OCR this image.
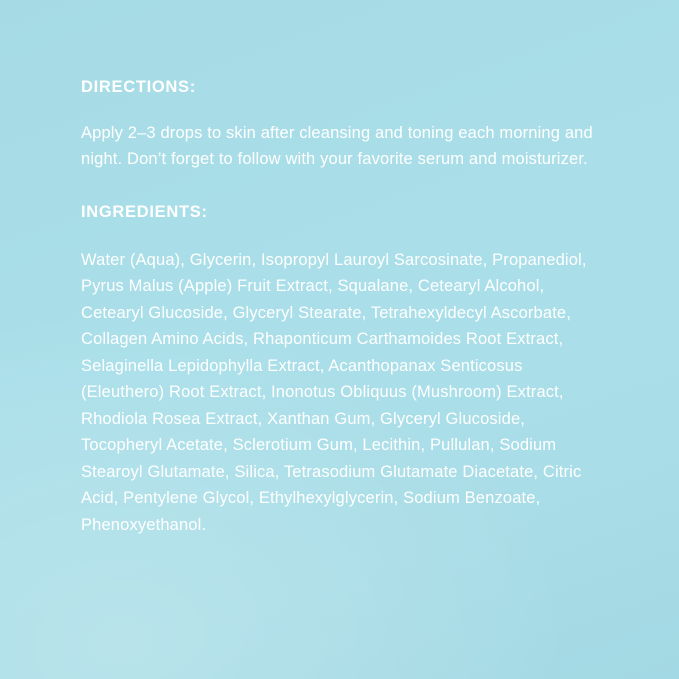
DIRECTIONS:

Apply 2–3 drops to skin after cleansing and toning each morning and night. Don’t forget to follow with your favorite serum and moisturizer.

INGREDIENTS:

Water (Aqua), Glycerin, Isopropyl Lauroyl Sarcosinate, Propanediol, Pyrus Malus (Apple) Fruit Extract, Squalane, Cetearyl Alcohol, Cetearyl Glucoside, Glyceryl Stearate, Tetrahexyldecyl Ascorbate, Collagen Amino Acids, Rhaponticum Carthamoides Root Extract, Selaginella Lepidophylla Extract, Acanthopanax Senticosus (Eleuthero) Root Extract, Inonotus Obliquus (Mushroom) Extract, Rhodiola Rosea Extract, Xanthan Gum, Glyceryl Glucoside, Tocopheryl Acetate, Sclerotium Gum, Lecithin, Pullulan, Sodium Stearoyl Glutamate, Silica, Tetrasodium Glutamate Diacetate, Citric Acid, Pentylene Glycol, Ethylhexylglycerin, Sodium Benzoate, Phenoxyethanol.
